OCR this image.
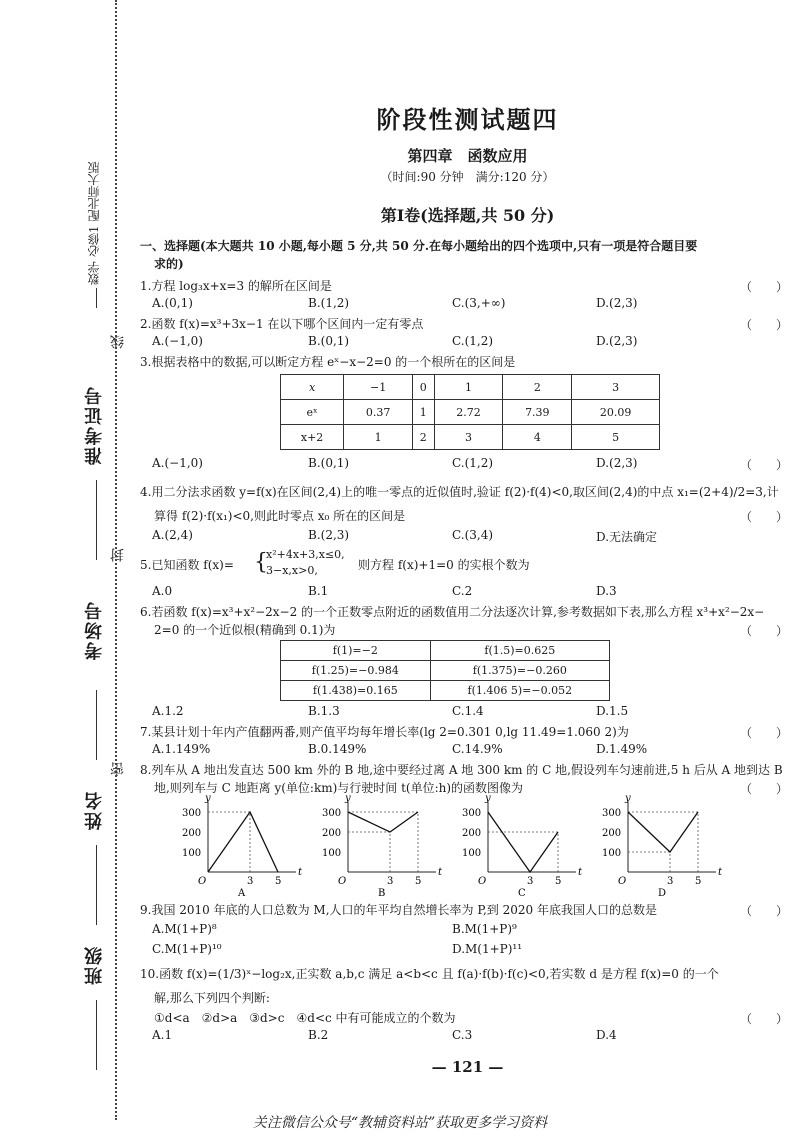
数学 必修1 配北师大版
线
准考证号
封
考场号
密
姓名
班级
阶段性测试题四
第四章　函数应用
（时间:90 分钟　满分:120 分）
第Ⅰ卷(选择题,共 50 分)
一、选择题(本大题共 10 小题,每小题 5 分,共 50 分.在每小题给出的四个选项中,只有一项是符合题目要
求的)
1.方程 log₃x+x=3 的解所在区间是	（　　）
A.(0,1)	B.(1,2)	C.(3,+∞)	D.(2,3)
2.函数 f(x)=x³+3x−1 在以下哪个区间内一定有零点	（　　）
A.(−1,0)	B.(0,1)	C.(1,2)	D.(2,3)
3.根据表格中的数据,可以断定方程 eˣ−x−2=0 的一个根所在的区间是
x	−1	0	1	2	3
eˣ	0.37	1	2.72	7.39	20.09
x+2	1	2	3	4	5
（　　）
A.(−1,0)	B.(0,1)	C.(1,2)	D.(2,3)
4.用二分法求函数 y=f(x)在区间(2,4)上的唯一零点的近似值时,验证 f(2)·f(4)<0,取区间(2,4)的中点 x₁=(2+4)/2=3,计
算得 f(2)·f(x₁)<0,则此时零点 x₀ 所在的区间是	（　　）
A.(2,4)	B.(2,3)	C.(3,4)	D.无法确定
5.已知函数 f(x)= {
x²+4x+3,x≤0,
3−x,x>0,	则方程 f(x)+1=0 的实根个数为
A.0	B.1	C.2	D.3
6.若函数 f(x)=x³+x²−2x−2 的一个正数零点附近的函数值用二分法逐次计算,参考数据如下表,那么方程 x³+x²−2x−
2=0 的一个近似根(精确到 0.1)为	（　　）
f(1)=−2	f(1.5)=0.625
f(1.25)=−0.984	f(1.375)=−0.260
f(1.438)=0.165	f(1.406 5)=−0.052
A.1.2	B.1.3	C.1.4	D.1.5
7.某县计划十年内产值翻两番,则产值平均每年增长率(lg 2=0.301 0,lg 11.49=1.060 2)为	（　　）
A.1.149%	B.0.149%	C.14.9%	D.1.49%
8.列车从 A 地出发直达 500 km 外的 B 地,途中要经过离 A 地 300 km 的 C 地,假设列车匀速前进,5 h 后从 A 地到达 B
地,则列车与 C 地距离 y(单位:km)与行驶时间 t(单位:h)的函数图像为	（　　）
t
y
O
300
200
100
3 5
A
t
y
O
300
200
100
3 5
B
t
y
O
300
200
100
3 5
C
t
y
O
300
200
100
3 5
D
9.我国 2010 年底的人口总数为 M,人口的年平均自然增长率为 P,到 2020 年底我国人口的总数是	（　　）
A.M(1+P)⁸	B.M(1+P)⁹
C.M(1+P)¹⁰	D.M(1+P)¹¹
10.函数 f(x)=(1/3)ˣ−log₂x,正实数 a,b,c 满足 a<b<c 且 f(a)·f(b)·f(c)<0,若实数 d 是方程 f(x)=0 的一个
解,那么下列四个判断:
①d<a　②d>a　③d>c　④d<c 中有可能成立的个数为	（　　）
A.1	B.2	C.3	D.4
— 121 —
关注微信公众号“教辅资料站”获取更多学习资料
